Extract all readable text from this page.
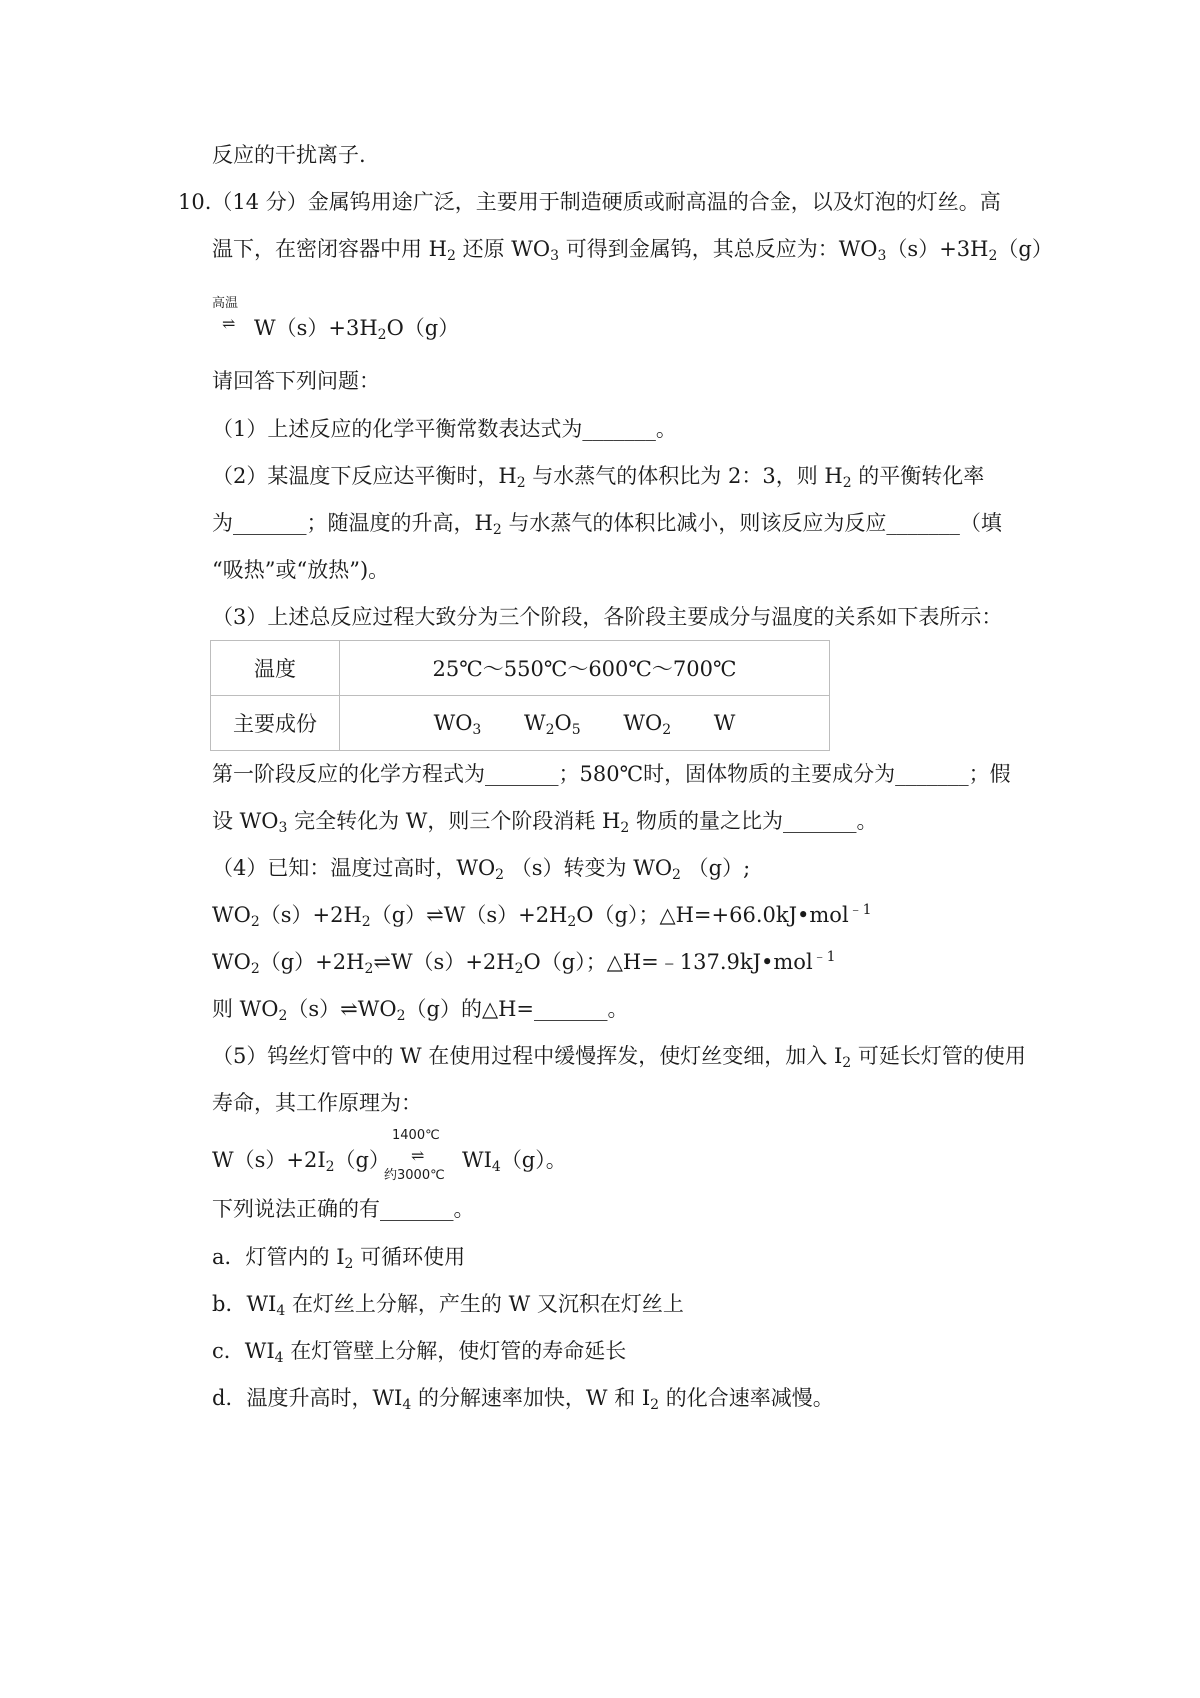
反应的干扰离子.
10.（14 分）金属钨用途广泛，主要用于制造硬质或耐高温的合金，以及灯泡的灯丝。高
温下，在密闭容器中用 $H_2$ 还原 $WO_3$ 可得到金属钨，其总反应为：$WO_3(s)+3H_2(g)$
高温
⇌ $W(s)+3H_2O(g)$
请回答下列问题：
（1）上述反应的化学平衡常数表达式为_______。
（2）某温度下反应达平衡时，$H_2$ 与水蒸气的体积比为 2：3，则 $H_2$ 的平衡转化率
为_______；随温度的升高，$H_2$ 与水蒸气的体积比减小，则该反应为反应_______（填
“吸热”或“放热”)。
（3）上述总反应过程大致分为三个阶段，各阶段主要成分与温度的关系如下表所示：
温度	25℃～550℃～600℃～700℃
主要成份	$WO_3$ $W_2O_5$ $WO_2$ W
第一阶段反应的化学方程式为_______；580℃时，固体物质的主要成分为_______；假
设 $WO_3$ 完全转化为 W，则三个阶段消耗 $H_2$ 物质的量之比为_______。
（4）已知：温度过高时，$WO_2$ （s）转变为 $WO_2$ （g）;
$WO_2(s)+2H_2(g)\rightleftharpoons W(s)+2H_2O(g)$；△H=+66.0kJ•mol$^{﹣1}$
$WO_2(g)+2H_2\rightleftharpoons W(s)+2H_2O(g)$；△H=﹣137.9kJ•mol$^{﹣1}$
则 $WO_2(s)\rightleftharpoons WO_2(g)$的△H=_______。
（5）钨丝灯管中的 W 在使用过程中缓慢挥发，使灯丝变细，加入 $I_2$ 可延长灯管的使用
寿命，其工作原理为：
$W(s)+2I_2(g)$
1400℃
⇌
约3000℃
$WI_4(g)$。
下列说法正确的有_______。
a．灯管内的 $I_2$ 可循环使用
b．$WI_4$ 在灯丝上分解，产生的 W 又沉积在灯丝上
c．$WI_4$ 在灯管壁上分解，使灯管的寿命延长
d．温度升高时，$WI_4$ 的分解速率加快，W 和 $I_2$ 的化合速率减慢。
